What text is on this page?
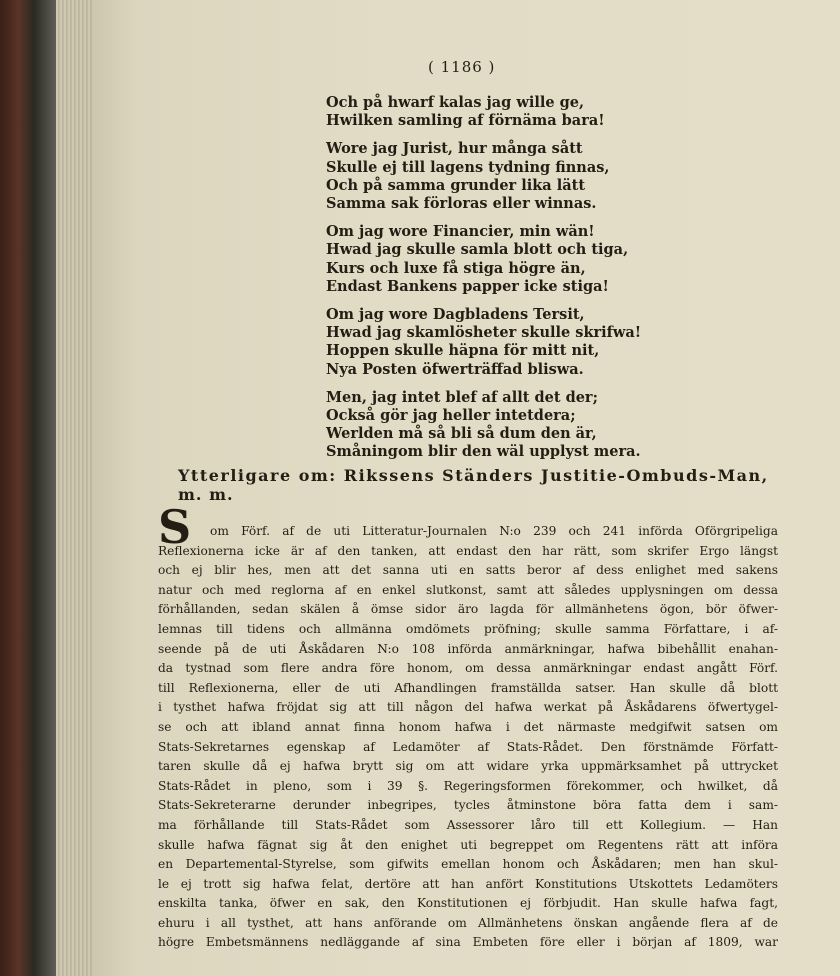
( 1186 )
Och på hwarf kalas jag wille ge,
Hwilken samling af förnäma bara!
Wore jag Jurist, hur många sått
Skulle ej till lagens tydning finnas,
Och på samma grunder lika lätt
Samma sak förloras eller winnas.
Om jag wore Financier, min wän!
Hwad jag skulle samla blott och tiga,
Kurs och luxe få stiga högre än,
Endast Bankens papper icke stiga!
Om jag wore Dagbladens Tersit,
Hwad jag skamlösheter skulle skrifwa!
Hoppen skulle häpna för mitt nit,
Nya Posten öfwerträffad bliswa.
Men, jag intet blef af allt det der;
Också gör jag heller intetdera;
Werlden må så bli så dum den är,
Småningom blir den wäl upplyst mera.
Ytterligare om: Rikssens Ständers Justitie-Ombuds-Man,
m. m.
S	om Förf. af de uti Litteratur-Journalen N:o 239 och 241 införda Oförgripeliga
Reflexionerna icke är af den tanken, att endast den har rätt, som skrifer Ergo längst
och ej blir hes, men att det sanna uti en satts beror af dess enlighet med sakens
natur och med reglorna af en enkel slutkonst, samt att således upplysningen om dessa
förhållanden, sedan skälen å ömse sidor äro lagda för allmänhetens ögon, bör öfwer-
lemnas till tidens och allmänna omdömets pröfning; skulle samma Författare, i af-
seende på de uti Åskådaren N:o 108 införda anmärkningar, hafwa bibehållit enahan-
da tystnad som flere andra före honom, om dessa anmärkningar endast angått Förf.
till Reflexionerna, eller de uti Afhandlingen framställda satser. Han skulle då blott
i tysthet hafwa fröjdat sig att till någon del hafwa werkat på Åskådarens öfwertygel-
se och att ibland annat finna honom hafwa i det närmaste medgifwit satsen om
Stats-Sekretarnes egenskap af Ledamöter af Stats-Rådet. Den förstnämde Författ-
taren skulle då ej hafwa brytt sig om att widare yrka uppmärksamhet på uttrycket
Stats-Rådet in pleno, som i 39 §. Regeringsformen förekommer, och hwilket, då
Stats-Sekreterarne derunder inbegripes, tycles åtminstone böra fatta dem i sam-
ma förhållande till Stats-Rådet som Assessorer låro till ett Kollegium. — Han
skulle hafwa fägnat sig åt den enighet uti begreppet om Regentens rätt att införa
en Departemental-Styrelse, som gifwits emellan honom och Åskådaren; men han skul-
le ej trott sig hafwa felat, dertöre att han anfört Konstitutions Utskottets Ledamöters
enskilta tanka, öfwer en sak, den Konstitutionen ej förbjudit. Han skulle hafwa fagt,
ehuru i all tysthet, att hans anförande om Allmänhetens önskan angående flera af de
högre Embetsmännens nedläggande af sina Embeten före eller i början af 1809, war
